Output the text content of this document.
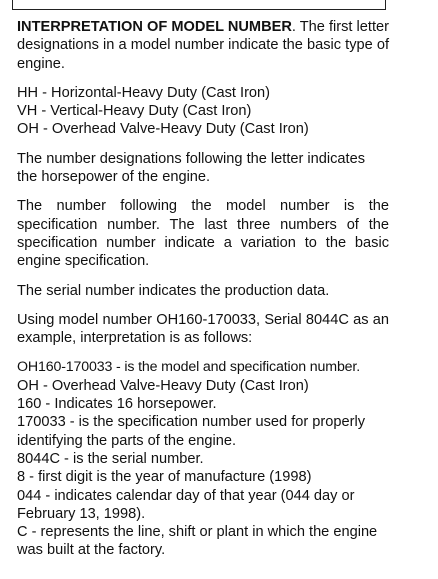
INTERPRETATION OF MODEL NUMBER. The first letter designations in a model number indicate the basic type of engine.

HH - Horizontal-Heavy Duty (Cast Iron)

VH - Vertical-Heavy Duty (Cast Iron)

OH - Overhead Valve-Heavy Duty (Cast Iron)

The number designations following the letter indicates the horsepower of the engine.

The number following the model number is the specification number. The last three numbers of the specification number indicate a variation to the basic engine specification.

The serial number indicates the production data.

Using model number OH160-170033, Serial 8044C as an example, interpretation is as follows:

OH160-170033 - is the model and specification number.

OH - Overhead Valve-Heavy Duty (Cast Iron)

160 - Indicates 16 horsepower.

170033 - is the specification number used for properly identifying the parts of the engine.

8044C - is the serial number.

8 - first digit is the year of manufacture (1998)

044 - indicates calendar day of that year (044 day or February 13, 1998).

C - represents the line, shift or plant in which the engine was built at the factory.
